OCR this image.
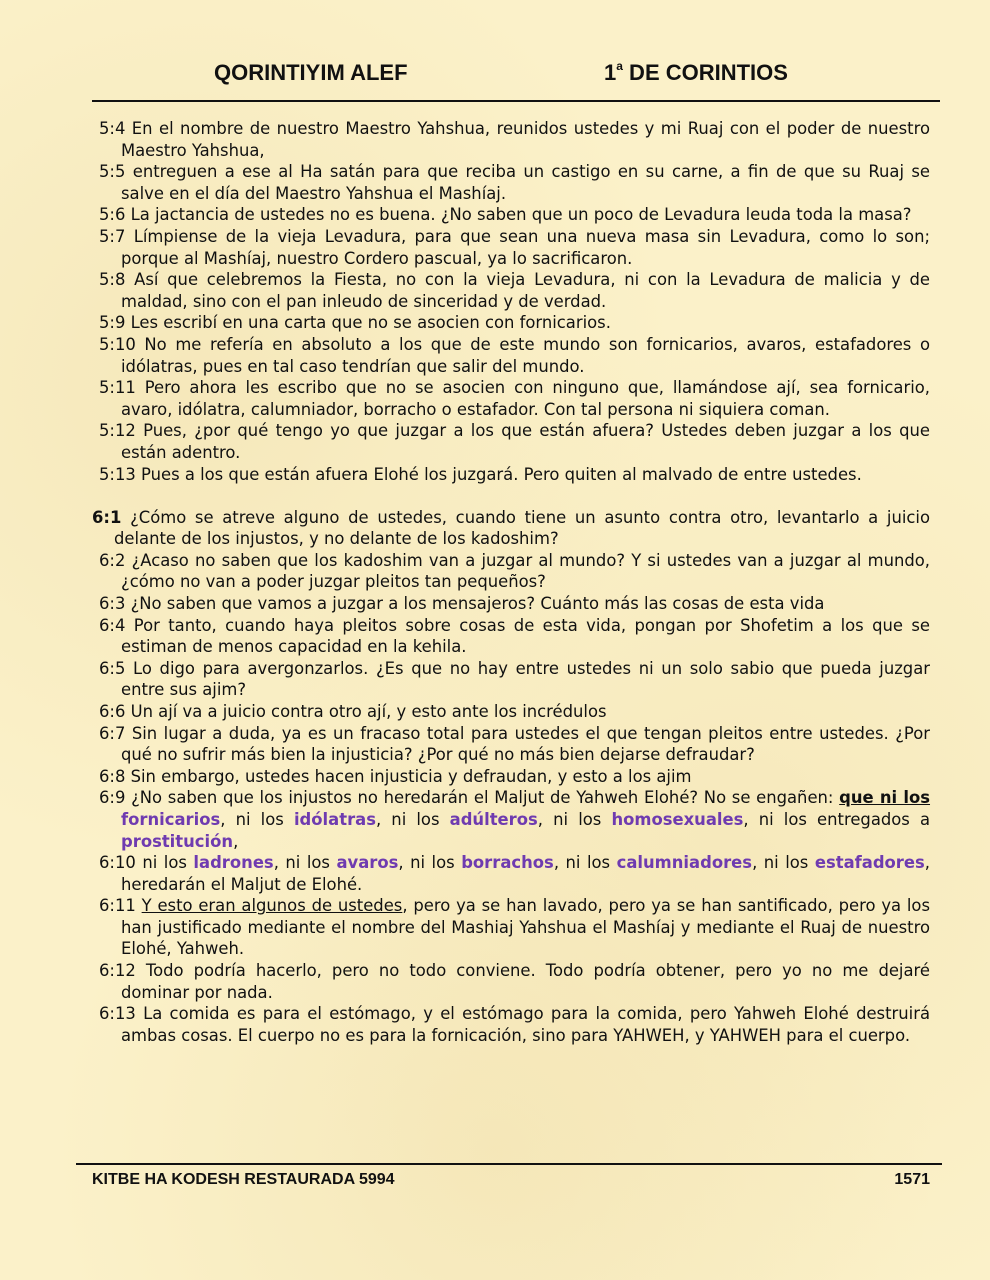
QORINTIYIM ALEF	1$^a$ DE CORINTIOS
5:4 En el nombre de nuestro Maestro Yahshua, reunidos ustedes y mi Ruaj con el poder de nuestro Maestro Yahshua,
5:5 entreguen a ese al Ha satán para que reciba un castigo en su carne, a fin de que su Ruaj se salve en el día del Maestro Yahshua el Mashíaj.
5:6 La jactancia de ustedes no es buena. ¿No saben que un poco de Levadura leuda toda la masa?
5:7 Límpiense de la vieja Levadura, para que sean una nueva masa sin Levadura, como lo son; porque al Mashíaj, nuestro Cordero pascual, ya lo sacrificaron.
5:8 Así que celebremos la Fiesta, no con la vieja Levadura, ni con la Levadura de malicia y de maldad, sino con el pan inleudo de sinceridad y de verdad.
5:9 Les escribí en una carta que no se asocien con fornicarios.
5:10 No me refería en absoluto a los que de este mundo son fornicarios, avaros, estafadores o idólatras, pues en tal caso tendrían que salir del mundo.
5:11 Pero ahora les escribo que no se asocien con ninguno que, llamándose ají, sea fornicario, avaro, idólatra, calumniador, borracho o estafador. Con tal persona ni siquiera coman.
5:12 Pues, ¿por qué tengo yo que juzgar a los que están afuera? Ustedes deben juzgar a los que están adentro.
5:13 Pues a los que están afuera Elohé los juzgará. Pero quiten al malvado de entre ustedes.
6:1 ¿Cómo se atreve alguno de ustedes, cuando tiene un asunto contra otro, levantarlo a juicio delante de los injustos, y no delante de los kadoshim?
6:2 ¿Acaso no saben que los kadoshim van a juzgar al mundo? Y si ustedes van a juzgar al mundo, ¿cómo no van a poder juzgar pleitos tan pequeños?
6:3 ¿No saben que vamos a juzgar a los mensajeros? Cuánto más las cosas de esta vida
6:4 Por tanto, cuando haya pleitos sobre cosas de esta vida, pongan por Shofetim a los que se estiman de menos capacidad en la kehila.
6:5 Lo digo para avergonzarlos. ¿Es que no hay entre ustedes ni un solo sabio que pueda juzgar entre sus ajim?
6:6 Un ají va a juicio contra otro ají, y esto ante los incrédulos
6:7 Sin lugar a duda, ya es un fracaso total para ustedes el que tengan pleitos entre ustedes. ¿Por qué no sufrir más bien la injusticia? ¿Por qué no más bien dejarse defraudar?
6:8 Sin embargo, ustedes hacen injusticia y defraudan, y esto a los ajim
6:9 ¿No saben que los injustos no heredarán el Maljut de Yahweh Elohé? No se engañen: que ni los fornicarios, ni los idólatras, ni los adúlteros, ni los homosexuales, ni los entregados a prostitución,
6:10 ni los ladrones, ni los avaros, ni los borrachos, ni los calumniadores, ni los estafadores, heredarán el Maljut de Elohé.
6:11 Y esto eran algunos de ustedes, pero ya se han lavado, pero ya se han santificado, pero ya los han justificado mediante el nombre del Mashiaj Yahshua el Mashíaj y mediante el Ruaj de nuestro Elohé, Yahweh.
6:12 Todo podría hacerlo, pero no todo conviene. Todo podría obtener, pero yo no me dejaré dominar por nada.
6:13 La comida es para el estómago, y el estómago para la comida, pero Yahweh Elohé destruirá ambas cosas. El cuerpo no es para la fornicación, sino para YAHWEH, y YAHWEH para el cuerpo.
KITBE HA KODESH RESTAURADA 5994	1571
